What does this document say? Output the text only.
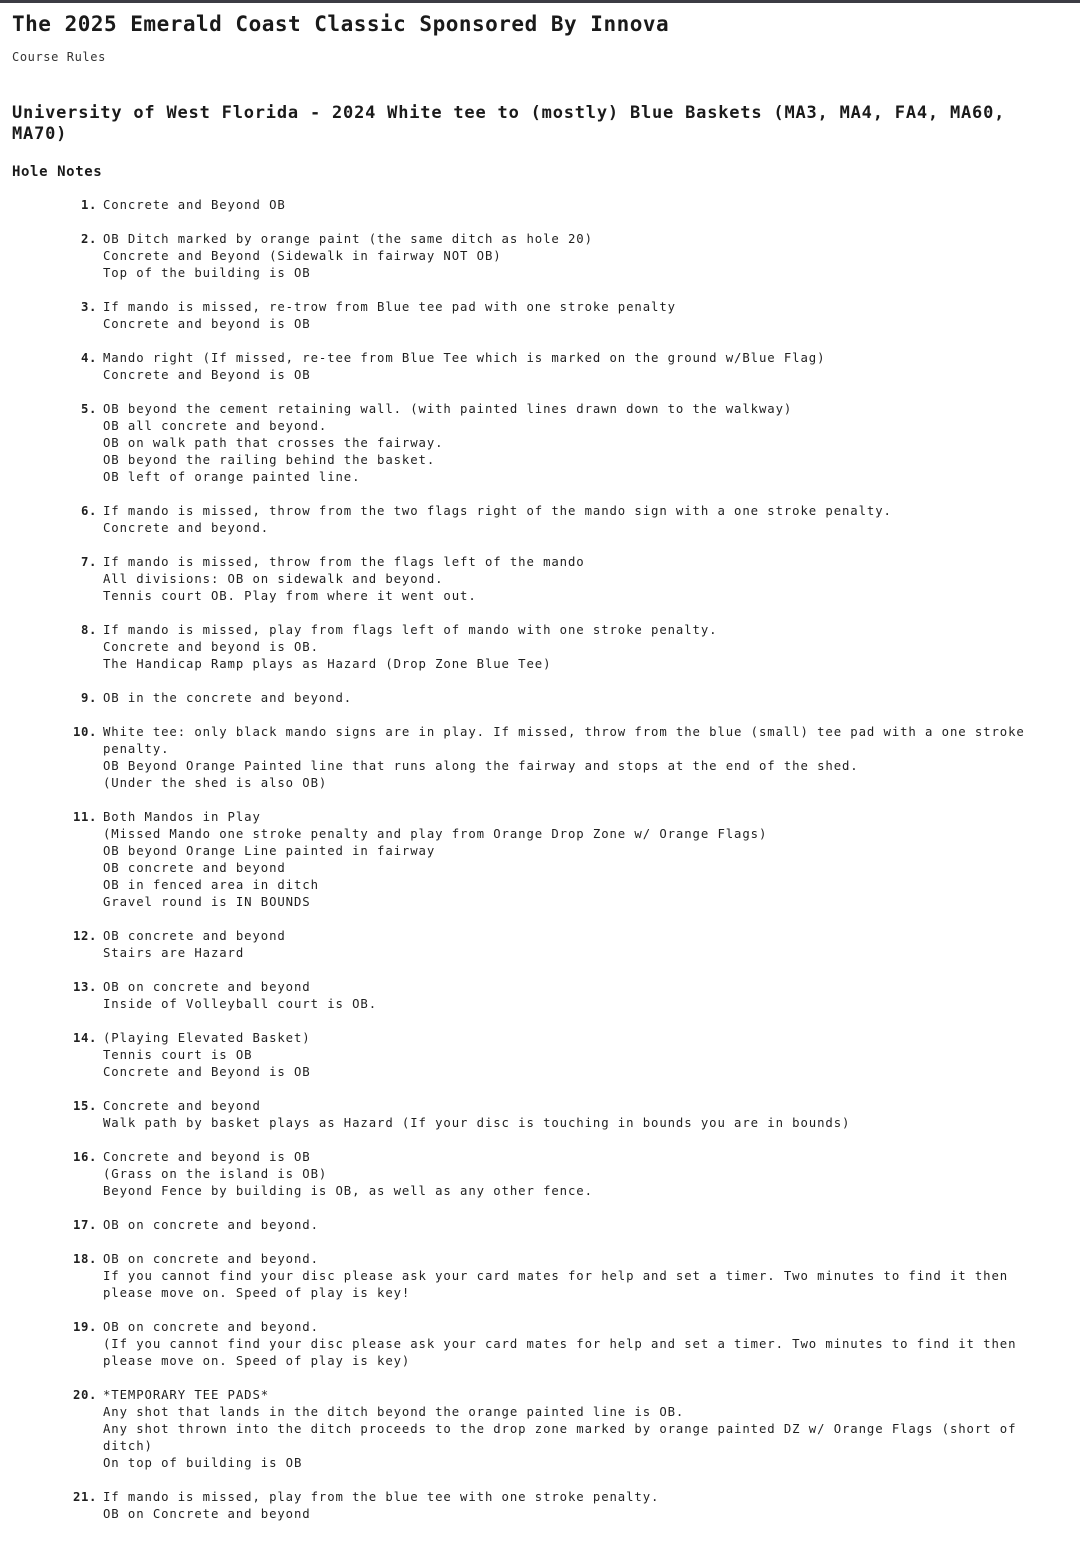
The 2025 Emerald Coast Classic Sponsored By Innova
Course Rules
University of West Florida - 2024 White tee to (mostly) Blue Baskets (MA3, MA4, FA4, MA60, MA70)
Hole Notes
1. Concrete and Beyond OB
2. OB Ditch marked by orange paint (the same ditch as hole 20)
Concrete and Beyond (Sidewalk in fairway NOT OB)
Top of the building is OB
3. If mando is missed, re-trow from Blue tee pad with one stroke penalty
Concrete and beyond is OB
4. Mando right (If missed, re-tee from Blue Tee which is marked on the ground w/Blue Flag)
Concrete and Beyond is OB
5. OB beyond the cement retaining wall. (with painted lines drawn down to the walkway)
OB all concrete and beyond.
OB on walk path that crosses the fairway.
OB beyond the railing behind the basket.
OB left of orange painted line.
6. If mando is missed, throw from the two flags right of the mando sign with a one stroke penalty.
Concrete and beyond.
7. If mando is missed, throw from the flags left of the mando
All divisions: OB on sidewalk and beyond.
Tennis court OB. Play from where it went out.
8. If mando is missed, play from flags left of mando with one stroke penalty.
Concrete and beyond is OB.
The Handicap Ramp plays as Hazard (Drop Zone Blue Tee)
9. OB in the concrete and beyond.
10. White tee: only black mando signs are in play. If missed, throw from the blue (small) tee pad with a one stroke penalty.
OB Beyond Orange Painted line that runs along the fairway and stops at the end of the shed.
(Under the shed is also OB)
11. Both Mandos in Play
(Missed Mando one stroke penalty and play from Orange Drop Zone w/ Orange Flags)
OB beyond Orange Line painted in fairway
OB concrete and beyond
OB in fenced area in ditch
Gravel round is IN BOUNDS
12. OB concrete and beyond
Stairs are Hazard
13. OB on concrete and beyond
Inside of Volleyball court is OB.
14. (Playing Elevated Basket)
Tennis court is OB
Concrete and Beyond is OB
15. Concrete and beyond
Walk path by basket plays as Hazard (If your disc is touching in bounds you are in bounds)
16. Concrete and beyond is OB
(Grass on the island is OB)
Beyond Fence by building is OB, as well as any other fence.
17. OB on concrete and beyond.
18. OB on concrete and beyond.
If you cannot find your disc please ask your card mates for help and set a timer. Two minutes to find it then please move on. Speed of play is key!
19. OB on concrete and beyond.
(If you cannot find your disc please ask your card mates for help and set a timer. Two minutes to find it then please move on. Speed of play is key)
20. *TEMPORARY TEE PADS*
Any shot that lands in the ditch beyond the orange painted line is OB.
Any shot thrown into the ditch proceeds to the drop zone marked by orange painted DZ w/ Orange Flags (short of ditch)
On top of building is OB
21. If mando is missed, play from the blue tee with one stroke penalty.
OB on Concrete and beyond
